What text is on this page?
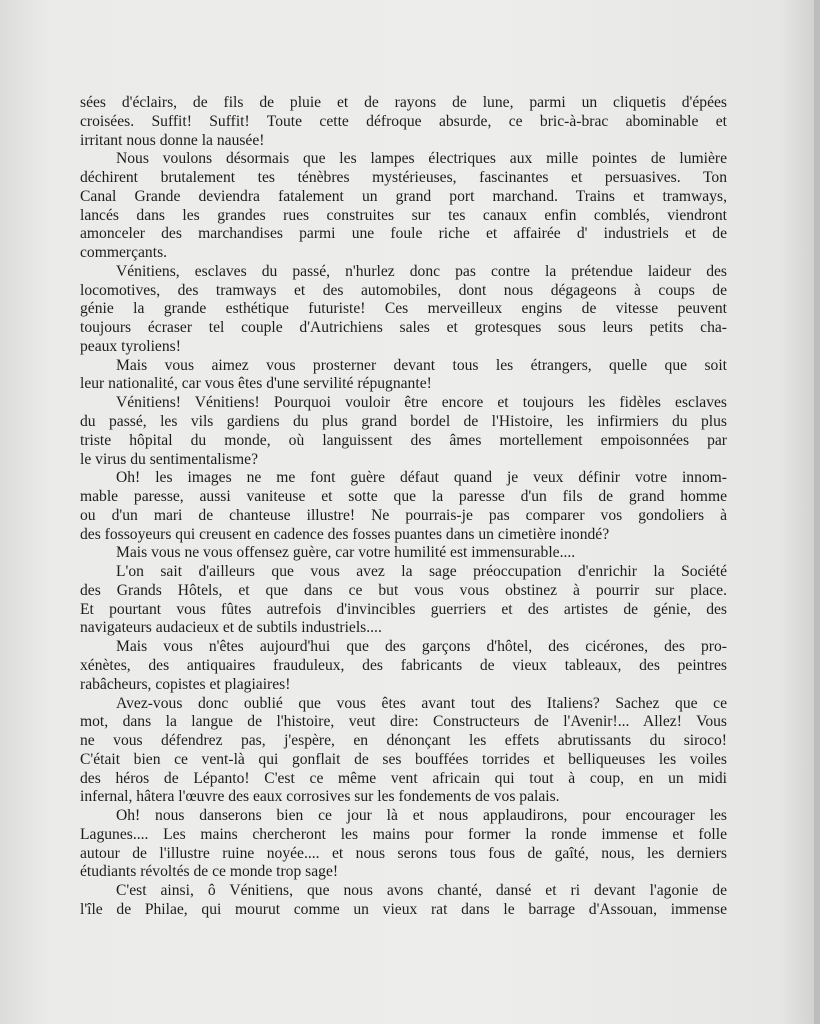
sées d'éclairs, de fils de pluie et de rayons de lune, parmi un cliquetis d'épées
croisées. Suffit! Suffit! Toute cette défroque absurde, ce bric-à-brac abominable et
irritant nous donne la nausée!
Nous voulons désormais que les lampes électriques aux mille pointes de lumière
déchirent brutalement tes ténèbres mystérieuses, fascinantes et persuasives. Ton
Canal Grande deviendra fatalement un grand port marchand. Trains et tramways,
lancés dans les grandes rues construites sur tes canaux enfin comblés, viendront
amonceler des marchandises parmi une foule riche et affairée d' industriels et de
commerçants.
Vénitiens, esclaves du passé, n'hurlez donc pas contre la prétendue laideur des
locomotives, des tramways et des automobiles, dont nous dégageons à coups de
génie la grande esthétique futuriste! Ces merveilleux engins de vitesse peuvent
toujours écraser tel couple d'Autrichiens sales et grotesques sous leurs petits cha-
peaux tyroliens!
Mais vous aimez vous prosterner devant tous les étrangers, quelle que soit
leur nationalité, car vous êtes d'une servilité répugnante!
Vénitiens! Vénitiens! Pourquoi vouloir être encore et toujours les fidèles esclaves
du passé, les vils gardiens du plus grand bordel de l'Histoire, les infirmiers du plus
triste hôpital du monde, où languissent des âmes mortellement empoisonnées par
le virus du sentimentalisme?
Oh! les images ne me font guère défaut quand je veux définir votre innom-
mable paresse, aussi vaniteuse et sotte que la paresse d'un fils de grand homme
ou d'un mari de chanteuse illustre! Ne pourrais-je pas comparer vos gondoliers à
des fossoyeurs qui creusent en cadence des fosses puantes dans un cimetière inondé?
Mais vous ne vous offensez guère, car votre humilité est immensurable....
L'on sait d'ailleurs que vous avez la sage préoccupation d'enrichir la Société
des Grands Hôtels, et que dans ce but vous vous obstinez à pourrir sur place.
Et pourtant vous fûtes autrefois d'invincibles guerriers et des artistes de génie, des
navigateurs audacieux et de subtils industriels....
Mais vous n'êtes aujourd'hui que des garçons d'hôtel, des cicérones, des pro-
xénètes, des antiquaires frauduleux, des fabricants de vieux tableaux, des peintres
rabâcheurs, copistes et plagiaires!
Avez-vous donc oublié que vous êtes avant tout des Italiens? Sachez que ce
mot, dans la langue de l'histoire, veut dire: Constructeurs de l'Avenir!... Allez! Vous
ne vous défendrez pas, j'espère, en dénonçant les effets abrutissants du siroco!
C'était bien ce vent-là qui gonflait de ses bouffées torrides et belliqueuses les voiles
des héros de Lépanto! C'est ce même vent africain qui tout à coup, en un midi
infernal, hâtera l'œuvre des eaux corrosives sur les fondements de vos palais.
Oh! nous danserons bien ce jour là et nous applaudirons, pour encourager les
Lagunes.... Les mains chercheront les mains pour former la ronde immense et folle
autour de l'illustre ruine noyée.... et nous serons tous fous de gaîté, nous, les derniers
étudiants révoltés de ce monde trop sage!
C'est ainsi, ô Vénitiens, que nous avons chanté, dansé et ri devant l'agonie de
l'île de Philae, qui mourut comme un vieux rat dans le barrage d'Assouan, immense
